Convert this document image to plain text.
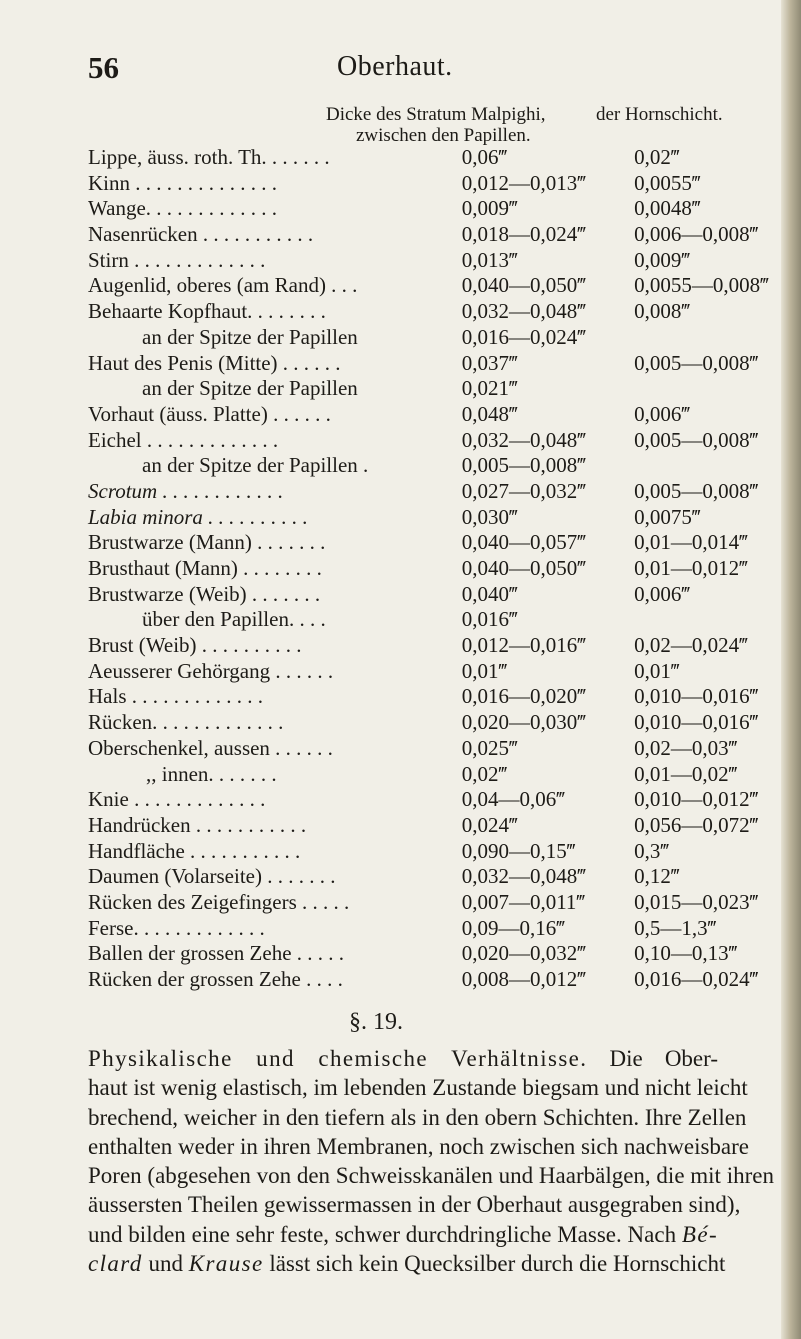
56	Oberhaut.
Dicke des Stratum Malpighi,
zwischen den Papillen.
der Hornschicht.
Lippe, äuss. roth. Th. . . . . . .	0,06‴	0,02‴
Kinn . . . . . . . . . . . . . .	0,012—0,013‴	0,0055‴
Wange. . . . . . . . . . . . .	0,009‴	0,0048‴
Nasenrücken . . . . . . . . . . .	0,018—0,024‴	0,006—0,008‴
Stirn . . . . . . . . . . . . .	0,013‴	0,009‴
Augenlid, oberes (am Rand) . . .	0,040—0,050‴	0,0055—0,008‴
Behaarte Kopfhaut. . . . . . . .	0,032—0,048‴	0,008‴
an der Spitze der Papillen	0,016—0,024‴	
Haut des Penis (Mitte) . . . . . .	0,037‴	0,005—0,008‴
an der Spitze der Papillen	0,021‴	
Vorhaut (äuss. Platte) . . . . . .	0,048‴	0,006‴
Eichel . . . . . . . . . . . . .	0,032—0,048‴	0,005—0,008‴
an der Spitze der Papillen .	0,005—0,008‴	
Scrotum . . . . . . . . . . . .	0,027—0,032‴	0,005—0,008‴
Labia minora . . . . . . . . . .	0,030‴	0,0075‴
Brustwarze (Mann) . . . . . . .	0,040—0,057‴	0,01—0,014‴
Brusthaut (Mann) . . . . . . . .	0,040—0,050‴	0,01—0,012‴
Brustwarze (Weib) . . . . . . .	0,040‴	0,006‴
über den Papillen. . . .	0,016‴	
Brust (Weib) . . . . . . . . . .	0,012—0,016‴	0,02—0,024‴
Aeusserer Gehörgang . . . . . .	0,01‴	0,01‴
Hals . . . . . . . . . . . . .	0,016—0,020‴	0,010—0,016‴
Rücken. . . . . . . . . . . . .	0,020—0,030‴	0,010—0,016‴
Oberschenkel, aussen . . . . . .	0,025‴	0,02—0,03‴
,, innen. . . . . . .	0,02‴	0,01—0,02‴
Knie . . . . . . . . . . . . .	0,04—0,06‴	0,010—0,012‴
Handrücken . . . . . . . . . . .	0,024‴	0,056—0,072‴
Handfläche . . . . . . . . . . .	0,090—0,15‴	0,3‴
Daumen (Volarseite) . . . . . . .	0,032—0,048‴	0,12‴
Rücken des Zeigefingers . . . . .	0,007—0,011‴	0,015—0,023‴
Ferse. . . . . . . . . . . . .	0,09—0,16‴	0,5—1,3‴
Ballen der grossen Zehe . . . . .	0,020—0,032‴	0,10—0,13‴
Rücken der grossen Zehe . . . .	0,008—0,012‴	0,016—0,024‴
§. 19.
Physikalische und chemische Verhältnisse. Die Ober-
haut ist wenig elastisch, im lebenden Zustande biegsam und nicht leicht
brechend, weicher in den tiefern als in den obern Schichten. Ihre Zellen
enthalten weder in ihren Membranen, noch zwischen sich nachweisbare
Poren (abgesehen von den Schweisskanälen und Haarbälgen, die mit ihren
äussersten Theilen gewissermassen in der Oberhaut ausgegraben sind),
und bilden eine sehr feste, schwer durchdringliche Masse. Nach Bé-
clard und Krause lässt sich kein Quecksilber durch die Hornschicht
